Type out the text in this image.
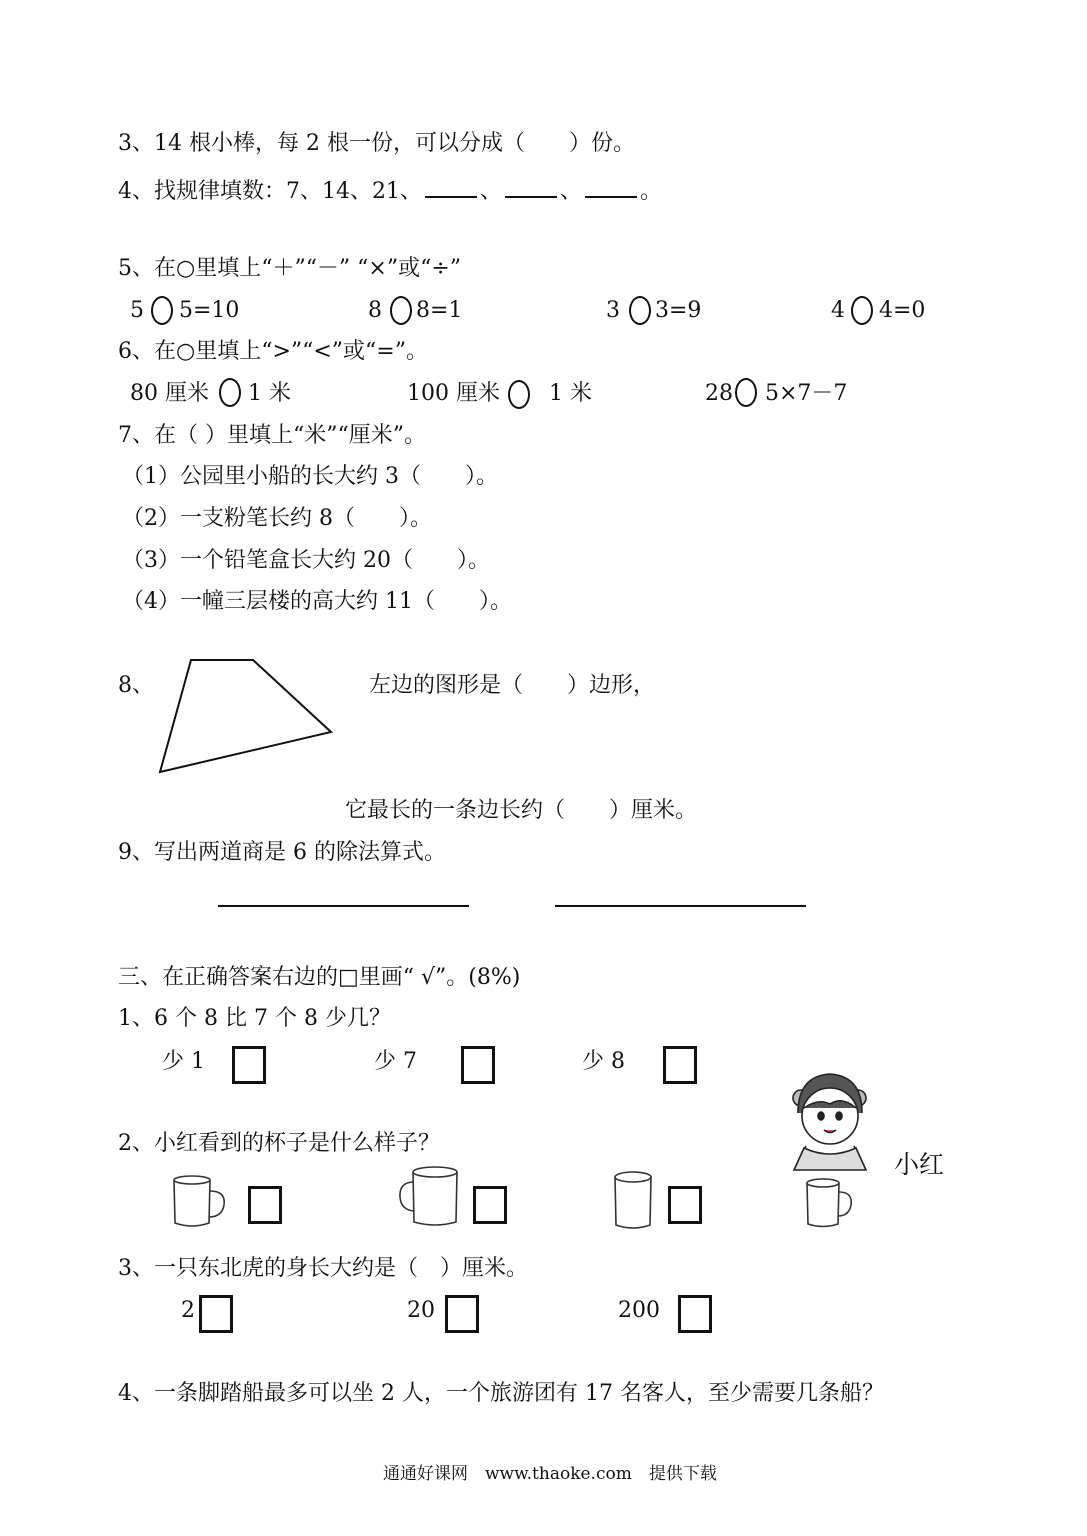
3、14 根小棒，每 2 根一份，可以分成（　　）份。
4、找规律填数：7、14、21、	、	、	。
5、在○里填上“＋”“－” “×”或“÷”
5 5=10	8 8=1	3 3=9	4 4=0
6、在○里填上“>”“<”或“=”。
80 厘米 1 米	100 厘米 1 米	28 5×7－7
7、在（ ）里填上“米”“厘米”。
（1）公园里小船的长大约 3（　　）。
（2）一支粉笔长约 8（　　）。
（3）一个铅笔盒长大约 20（　　）。
（4）一幢三层楼的高大约 11（　　）。
8、	左边的图形是（　　）边形，
它最长的一条边长约（　　）厘米。
9、写出两道商是 6 的除法算式。
三、在正确答案右边的□里画“ √”。(8%)
1、6 个 8 比 7 个 8 少几？
少 1	少 7	少 8
小红
2、小红看到的杯子是什么样子？
3、一只东北虎的身长大约是（　）厘米。
2	20	200
4、一条脚踏船最多可以坐 2 人，一个旅游团有 17 名客人，至少需要几条船？
通通好课网　www.thaoke.com　提供下载
